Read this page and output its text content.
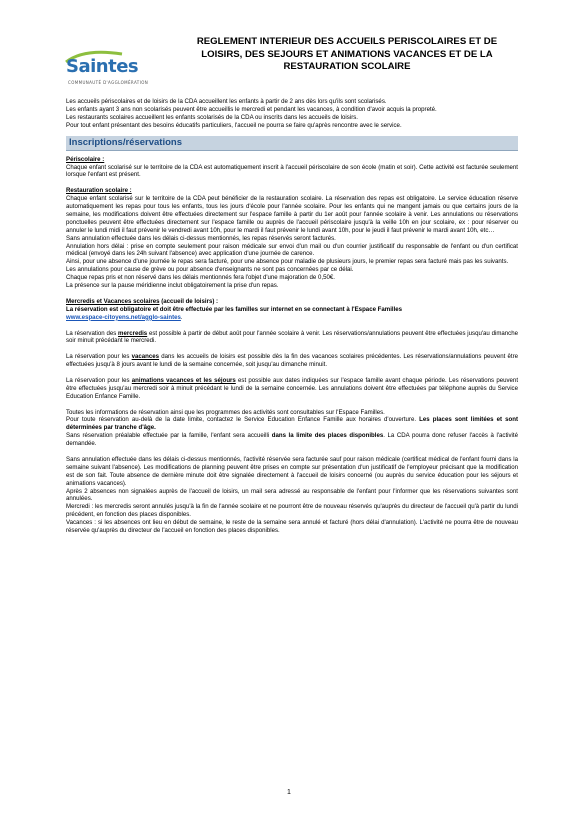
Saintes
COMMUNAUTÉ D'AGGLOMÉRATION
REGLEMENT INTERIEUR DES ACCUEILS PERISCOLAIRES ET DE
LOISIRS, DES SEJOURS ET ANIMATIONS VACANCES ET DE LA
RESTAURATION SCOLAIRE

Les accueils périscolaires et de loisirs de la CDA accueillent les enfants à partir de 2 ans dès lors qu'ils sont scolarisés.

Les enfants ayant 3 ans non scolarisés peuvent être accueillis le mercredi et pendant les vacances, à condition d'avoir acquis la propreté.

Les restaurants scolaires accueillent les enfants scolarisés de la CDA ou inscrits dans les accueils de loisirs.

Pour tout enfant présentant des besoins éducatifs particuliers, l'accueil ne pourra se faire qu'après rencontre avec le service.

Inscriptions/réservations

Périscolaire :

Chaque enfant scolarisé sur le territoire de la CDA est automatiquement inscrit à l'accueil périscolaire de son école (matin et soir). Cette activité est facturée seulement lorsque l'enfant est présent.

Restauration scolaire :

Chaque enfant scolarisé sur le territoire de la CDA peut bénéficier de la restauration scolaire. La réservation des repas est obligatoire. Le service éducation réserve automatiquement les repas pour tous les enfants, tous les jours d'école pour l'année scolaire. Pour les enfants qui ne mangent jamais ou que certains jours de la semaine, les modifications doivent être effectuées directement sur l'espace famille à partir du 1er août pour l'année scolaire à venir. Les annulations ou réservations ponctuelles peuvent être effectuées directement sur l'espace famille ou auprès de l'accueil périscolaire jusqu'à la veille 10h en jour scolaire, ex : pour réserver ou annuler le lundi midi il faut prévenir le vendredi avant 10h, pour le mardi il faut prévenir le lundi avant 10h, pour le jeudi il faut prévenir le mardi avant 10h, etc…

Sans annulation effectuée dans les délais ci-dessus mentionnés, les repas réservés seront facturés.

Annulation hors délai : prise en compte seulement pour raison médicale sur envoi d'un mail ou d'un courrier justificatif du responsable de l'enfant ou d'un certificat médical (envoyé dans les 24h suivant l'absence) avec application d'une journée de carence.

Ainsi, pour une absence d'une journée le repas sera facturé, pour une absence pour maladie de plusieurs jours, le premier repas sera facturé mais pas les suivants.

Les annulations pour cause de grève ou pour absence d'enseignants ne sont pas concernées par ce délai.

Chaque repas pris et non réservé dans les délais mentionnés fera l'objet d'une majoration de 0,50€.

La présence sur la pause méridienne inclut obligatoirement la prise d'un repas.

Mercredis et Vacances scolaires (accueil de loisirs) :

La réservation est obligatoire et doit être effectuée par les familles sur internet en se connectant à l'Espace Familles

www.espace-citoyens.net/agglo-saintes.

La réservation des mercredis est possible à partir de début août pour l'année scolaire à venir. Les réservations/annulations peuvent être effectuées jusqu'au dimanche soir minuit précédant le mercredi.

La réservation pour les vacances dans les accueils de loisirs est possible dès la fin des vacances scolaires précédentes. Les réservations/annulations peuvent être effectuées jusqu'à 8 jours avant le lundi de la semaine concernée, soit jusqu'au dimanche minuit.

La réservation pour les animations vacances et les séjours est possible aux dates indiquées sur l'espace famille avant chaque période. Les réservations peuvent être effectuées jusqu'au mercredi soir à minuit précédant le lundi de la semaine concernée. Les annulations doivent être effectuées par téléphone auprès du Service Education Enfance Famille.

Toutes les informations de réservation ainsi que les programmes des activités sont consultables sur l'Espace Familles.

Pour toute réservation au-delà de la date limite, contactez le Service Education Enfance Famille aux horaires d'ouverture. Les places sont limitées et sont déterminées par tranche d'âge.

Sans réservation préalable effectuée par la famille, l'enfant sera accueilli dans la limite des places disponibles. La CDA pourra donc refuser l'accès à l'activité demandée.

Sans annulation effectuée dans les délais ci-dessus mentionnés, l'activité réservée sera facturée sauf pour raison médicale (certificat médical de l'enfant fourni dans la semaine suivant l'absence). Les modifications de planning peuvent être prises en compte sur présentation d'un justificatif de l'employeur précisant que la modification est de son fait. Toute absence de dernière minute doit être signalée directement à l'accueil de loisirs concerné (ou auprès du service éducation pour les séjours et animations vacances).

Après 2 absences non signalées auprès de l'accueil de loisirs, un mail sera adressé au responsable de l'enfant pour l'informer que les réservations suivantes sont annulées.

Mercredi : les mercredis seront annulés jusqu'à la fin de l'année scolaire et ne pourront être de nouveau réservés qu'auprès du directeur de l'accueil qu'à partir du lundi précédent, en fonction des places disponibles.

Vacances : si les absences ont lieu en début de semaine, le reste de la semaine sera annulé et facturé (hors délai d'annulation). L'activité ne pourra être de nouveau réservée qu'auprès du directeur de l'accueil en fonction des places disponibles.

1
